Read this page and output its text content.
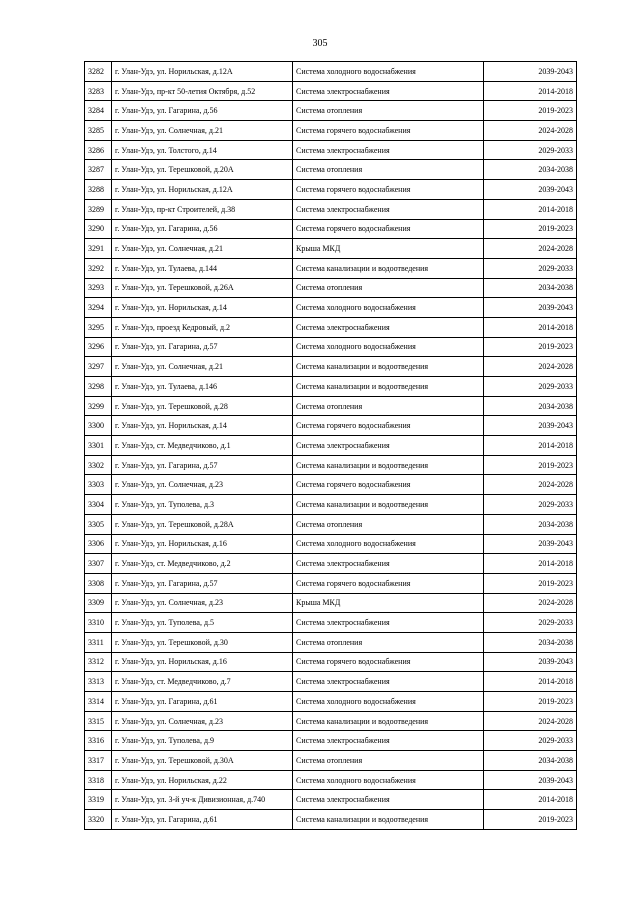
305
3282	г. Улан-Удэ, ул. Норильская, д.12А	Система холодного водоснабжения	2039-2043
3283	г. Улан-Удэ, пр-кт 50-летия Октября, д.52	Система электроснабжения	2014-2018
3284	г. Улан-Удэ, ул. Гагарина, д.56	Система отопления	2019-2023
3285	г. Улан-Удэ, ул. Солнечная, д.21	Система горячего водоснабжения	2024-2028
3286	г. Улан-Удэ, ул. Толстого, д.14	Система электроснабжения	2029-2033
3287	г. Улан-Удэ, ул. Терешковой, д.20А	Система отопления	2034-2038
3288	г. Улан-Удэ, ул. Норильская, д.12А	Система горячего водоснабжения	2039-2043
3289	г. Улан-Удэ, пр-кт Строителей, д.38	Система электроснабжения	2014-2018
3290	г. Улан-Удэ, ул. Гагарина, д.56	Система горячего водоснабжения	2019-2023
3291	г. Улан-Удэ, ул. Солнечная, д.21	Крыша МКД	2024-2028
3292	г. Улан-Удэ, ул. Тулаева, д.144	Система канализации и водоотведения	2029-2033
3293	г. Улан-Удэ, ул. Терешковой, д.26А	Система отопления	2034-2038
3294	г. Улан-Удэ, ул. Норильская, д.14	Система холодного водоснабжения	2039-2043
3295	г. Улан-Удэ, проезд Кедровый, д.2	Система электроснабжения	2014-2018
3296	г. Улан-Удэ, ул. Гагарина, д.57	Система холодного водоснабжения	2019-2023
3297	г. Улан-Удэ, ул. Солнечная, д.21	Система канализации и водоотведения	2024-2028
3298	г. Улан-Удэ, ул. Тулаева, д.146	Система канализации и водоотведения	2029-2033
3299	г. Улан-Удэ, ул. Терешковой, д.28	Система отопления	2034-2038
3300	г. Улан-Удэ, ул. Норильская, д.14	Система горячего водоснабжения	2039-2043
3301	г. Улан-Удэ, ст. Медведчиково, д.1	Система электроснабжения	2014-2018
3302	г. Улан-Удэ, ул. Гагарина, д.57	Система канализации и водоотведения	2019-2023
3303	г. Улан-Удэ, ул. Солнечная, д.23	Система горячего водоснабжения	2024-2028
3304	г. Улан-Удэ, ул. Туполева, д.3	Система канализации и водоотведения	2029-2033
3305	г. Улан-Удэ, ул. Терешковой, д.28А	Система отопления	2034-2038
3306	г. Улан-Удэ, ул. Норильская, д.16	Система холодного водоснабжения	2039-2043
3307	г. Улан-Удэ, ст. Медведчиково, д.2	Система электроснабжения	2014-2018
3308	г. Улан-Удэ, ул. Гагарина, д.57	Система горячего водоснабжения	2019-2023
3309	г. Улан-Удэ, ул. Солнечная, д.23	Крыша МКД	2024-2028
3310	г. Улан-Удэ, ул. Туполева, д.5	Система электроснабжения	2029-2033
3311	г. Улан-Удэ, ул. Терешковой, д.30	Система отопления	2034-2038
3312	г. Улан-Удэ, ул. Норильская, д.16	Система горячего водоснабжения	2039-2043
3313	г. Улан-Удэ, ст. Медведчиково, д.7	Система электроснабжения	2014-2018
3314	г. Улан-Удэ, ул. Гагарина, д.61	Система холодного водоснабжения	2019-2023
3315	г. Улан-Удэ, ул. Солнечная, д.23	Система канализации и водоотведения	2024-2028
3316	г. Улан-Удэ, ул. Туполева, д.9	Система электроснабжения	2029-2033
3317	г. Улан-Удэ, ул. Терешковой, д.30А	Система отопления	2034-2038
3318	г. Улан-Удэ, ул. Норильская, д.22	Система холодного водоснабжения	2039-2043
3319	г. Улан-Удэ, ул. 3-й уч-к Дивизионная, д.740	Система электроснабжения	2014-2018
3320	г. Улан-Удэ, ул. Гагарина, д.61	Система канализации и водоотведения	2019-2023
